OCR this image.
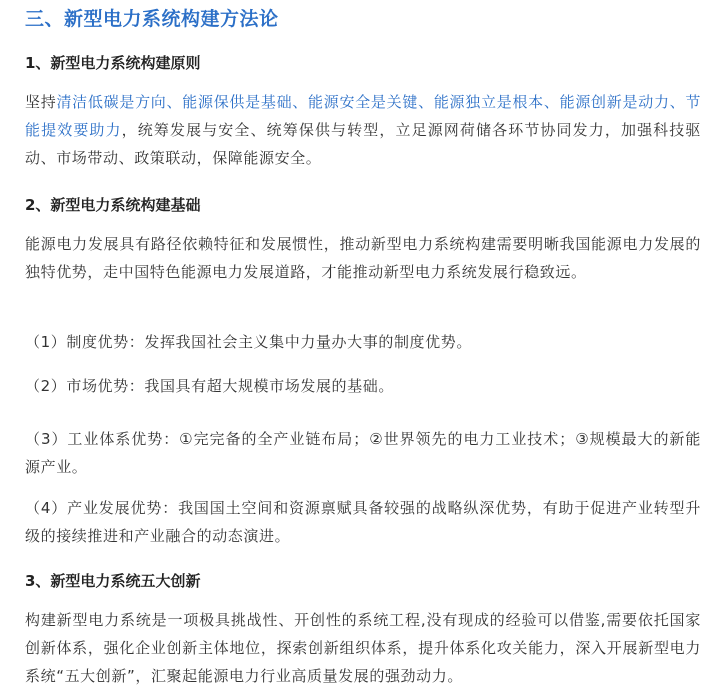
三、新型电力系统构建方法论
1、新型电力系统构建原则
坚持清洁低碳是方向、能源保供是基础、能源安全是关键、能源独立是根本、能源创新是动力、节能提效要助力，统筹发展与安全、统筹保供与转型，立足源网荷储各环节协同发力，加强科技驱动、市场带动、政策联动，保障能源安全。
2、新型电力系统构建基础
能源电力发展具有路径依赖特征和发展惯性，推动新型电力系统构建需要明晰我国能源电力发展的独特优势，走中国特色能源电力发展道路，才能推动新型电力系统发展行稳致远。
（1）制度优势：发挥我国社会主义集中力量办大事的制度优势。
（2）市场优势：我国具有超大规模市场发展的基础。
（3）工业体系优势：①完完备的全产业链布局；②世界领先的电力工业技术；③规模最大的新能源产业。
（4）产业发展优势：我国国土空间和资源禀赋具备较强的战略纵深优势，有助于促进产业转型升级的接续推进和产业融合的动态演进。
3、新型电力系统五大创新
构建新型电力系统是一项极具挑战性、开创性的系统工程,没有现成的经验可以借鉴,需要依托国家创新体系，强化企业创新主体地位，探索创新组织体系，提升体系化攻关能力，深入开展新型电力系统“五大创新”，汇聚起能源电力行业高质量发展的强劲动力。
